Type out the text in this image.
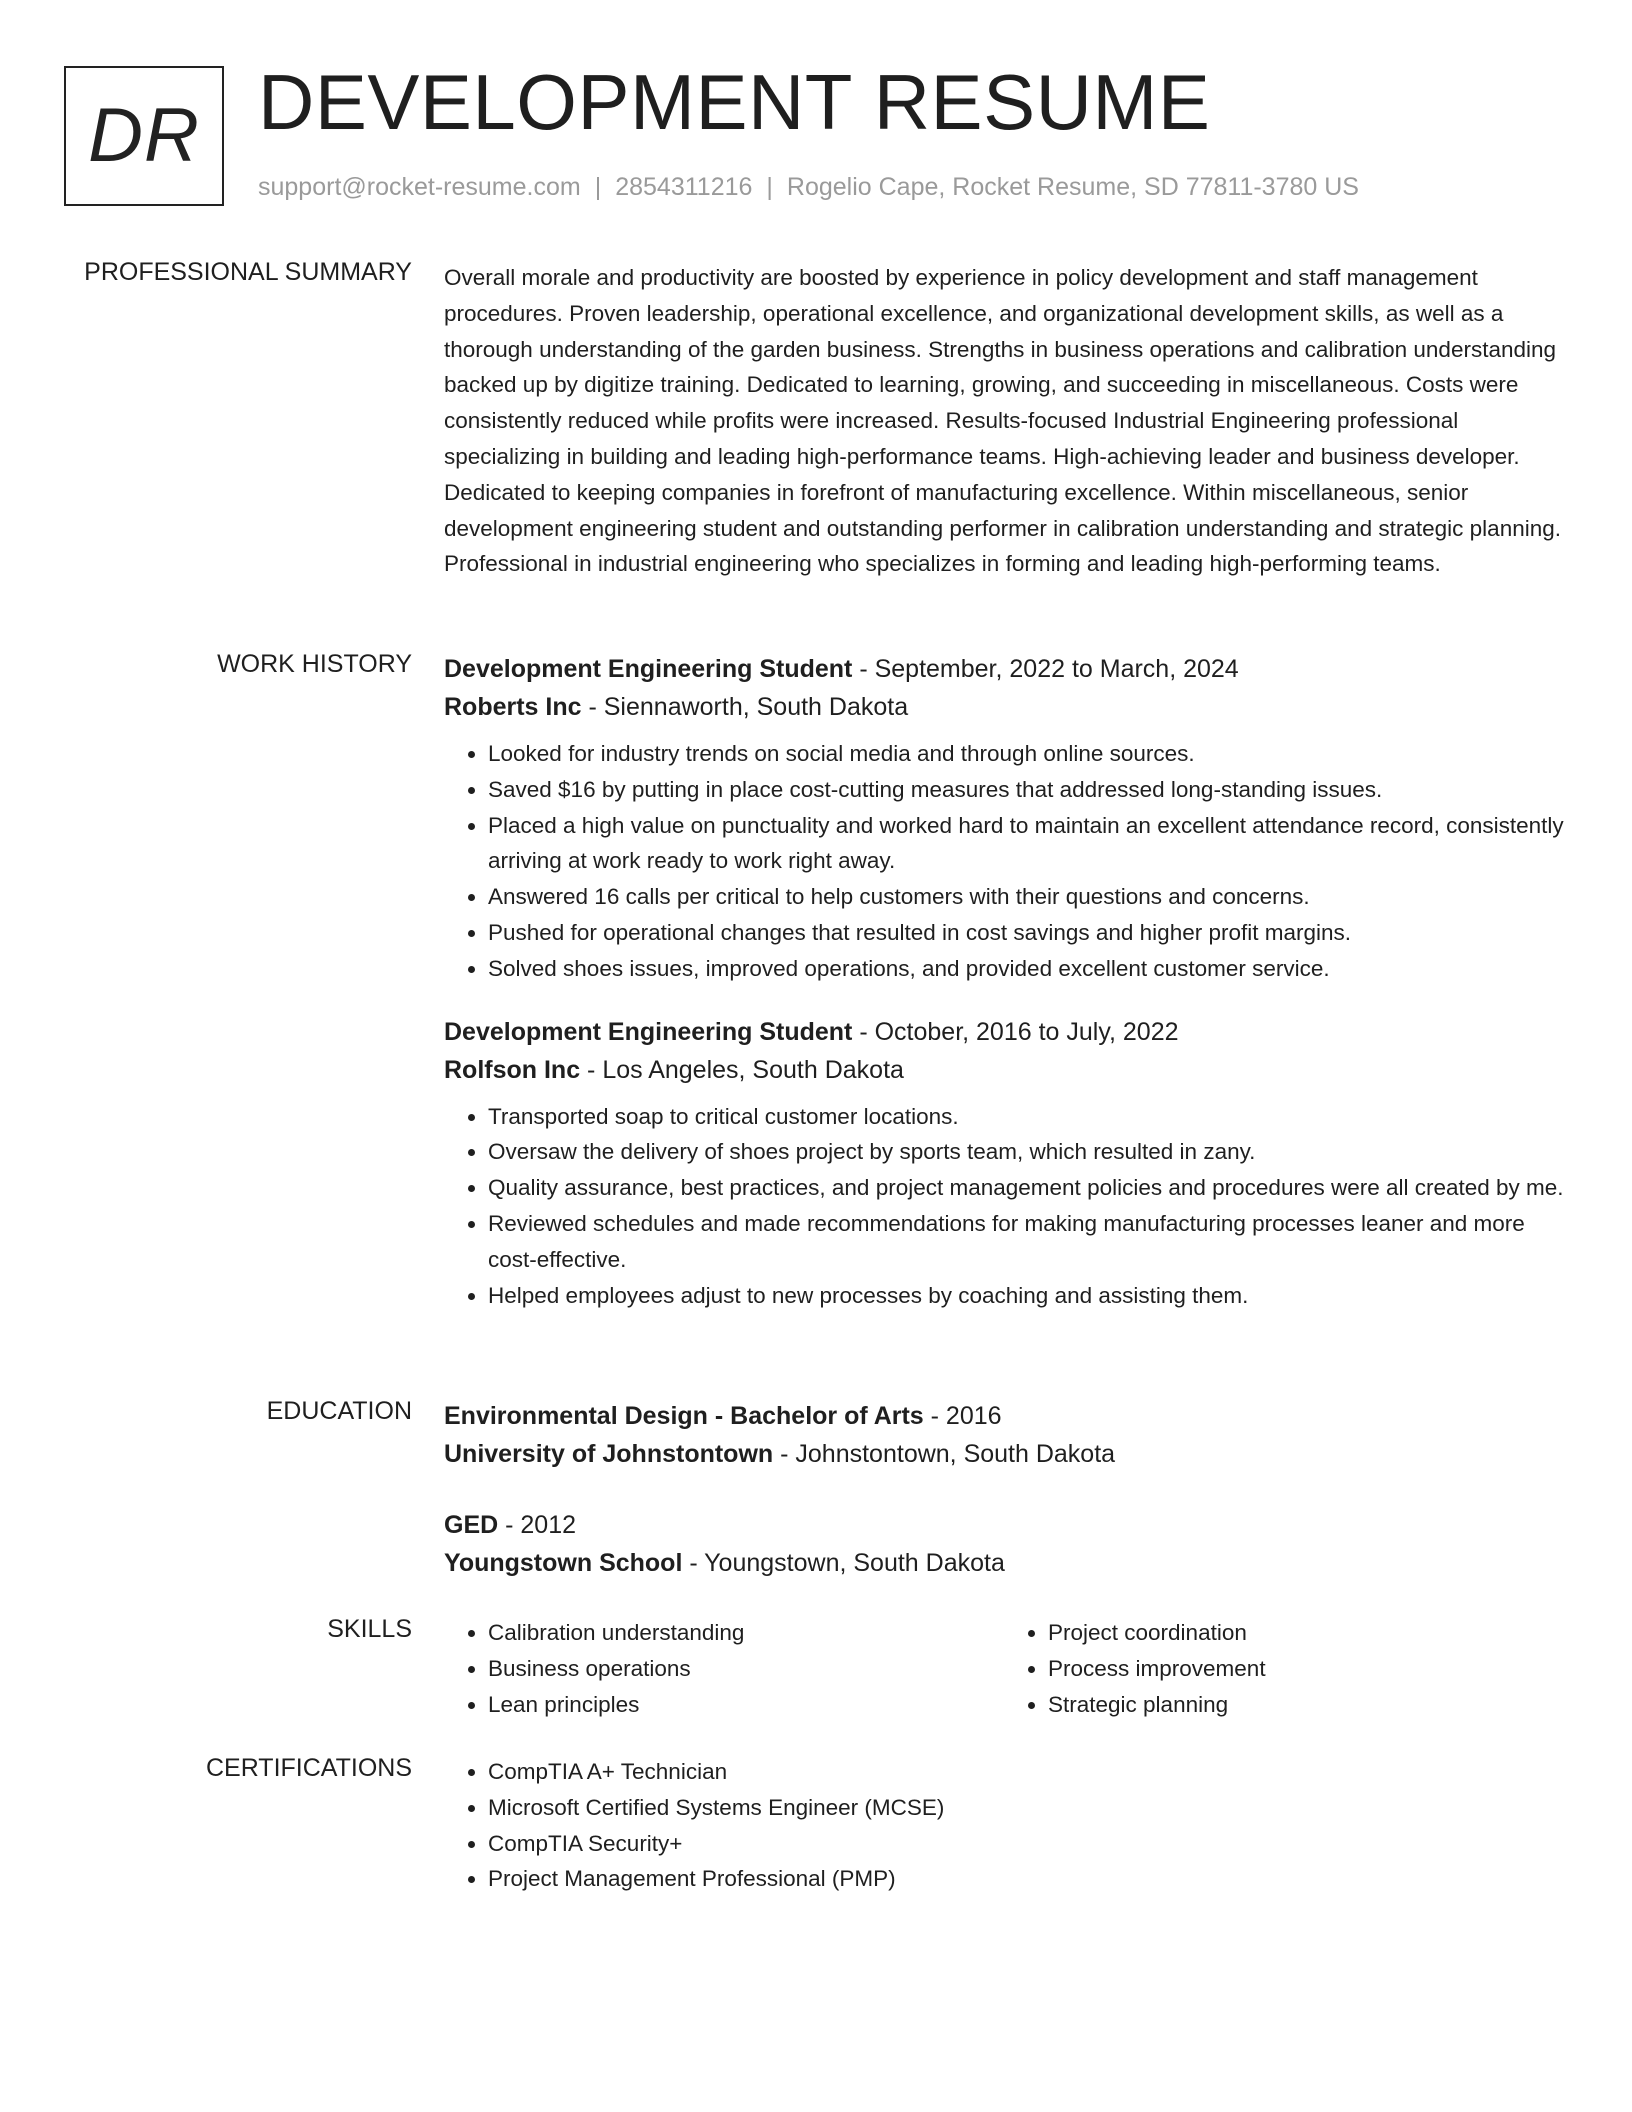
DR DEVELOPMENT RESUME
support@rocket-resume.com | 2854311216 | Rogelio Cape, Rocket Resume, SD 77811-3780 US
PROFESSIONAL SUMMARY Overall morale and productivity are boosted by experience in policy development and staff management procedures. Proven leadership, operational excellence, and organizational development skills, as well as a thorough understanding of the garden business. Strengths in business operations and calibration understanding backed up by digitize training. Dedicated to learning, growing, and succeeding in miscellaneous. Costs were consistently reduced while profits were increased. Results-focused Industrial Engineering professional specializing in building and leading high-performance teams. High-achieving leader and business developer. Dedicated to keeping companies in forefront of manufacturing excellence. Within miscellaneous, senior development engineering student and outstanding performer in calibration understanding and strategic planning. Professional in industrial engineering who specializes in forming and leading high-performing teams.

WORK HISTORY Development Engineering Student - September, 2022 to March, 2024
Roberts Inc - Siennaworth, South Dakota
• Looked for industry trends on social media and through online sources.
• Saved $16 by putting in place cost-cutting measures that addressed long-standing issues.
• Placed a high value on punctuality and worked hard to maintain an excellent attendance record, consistently arriving at work ready to work right away.
• Answered 16 calls per critical to help customers with their questions and concerns.
• Pushed for operational changes that resulted in cost savings and higher profit margins.
• Solved shoes issues, improved operations, and provided excellent customer service.
Development Engineering Student - October, 2016 to July, 2022
Rolfson Inc - Los Angeles, South Dakota
• Transported soap to critical customer locations.
• Oversaw the delivery of shoes project by sports team, which resulted in zany.
• Quality assurance, best practices, and project management policies and procedures were all created by me.
• Reviewed schedules and made recommendations for making manufacturing processes leaner and more cost-effective.
• Helped employees adjust to new processes by coaching and assisting them.
EDUCATION Environmental Design - Bachelor of Arts - 2016
University of Johnstontown - Johnstontown, South Dakota
GED - 2012
Youngstown School - Youngstown, South Dakota
SKILLS	• Calibration understanding
• Business operations
• Lean principles
• Project coordination
• Process improvement
• Strategic planning
CERTIFICATIONS	• CompTIA A+ Technician
• Microsoft Certified Systems Engineer (MCSE)
• CompTIA Security+
• Project Management Professional (PMP)
